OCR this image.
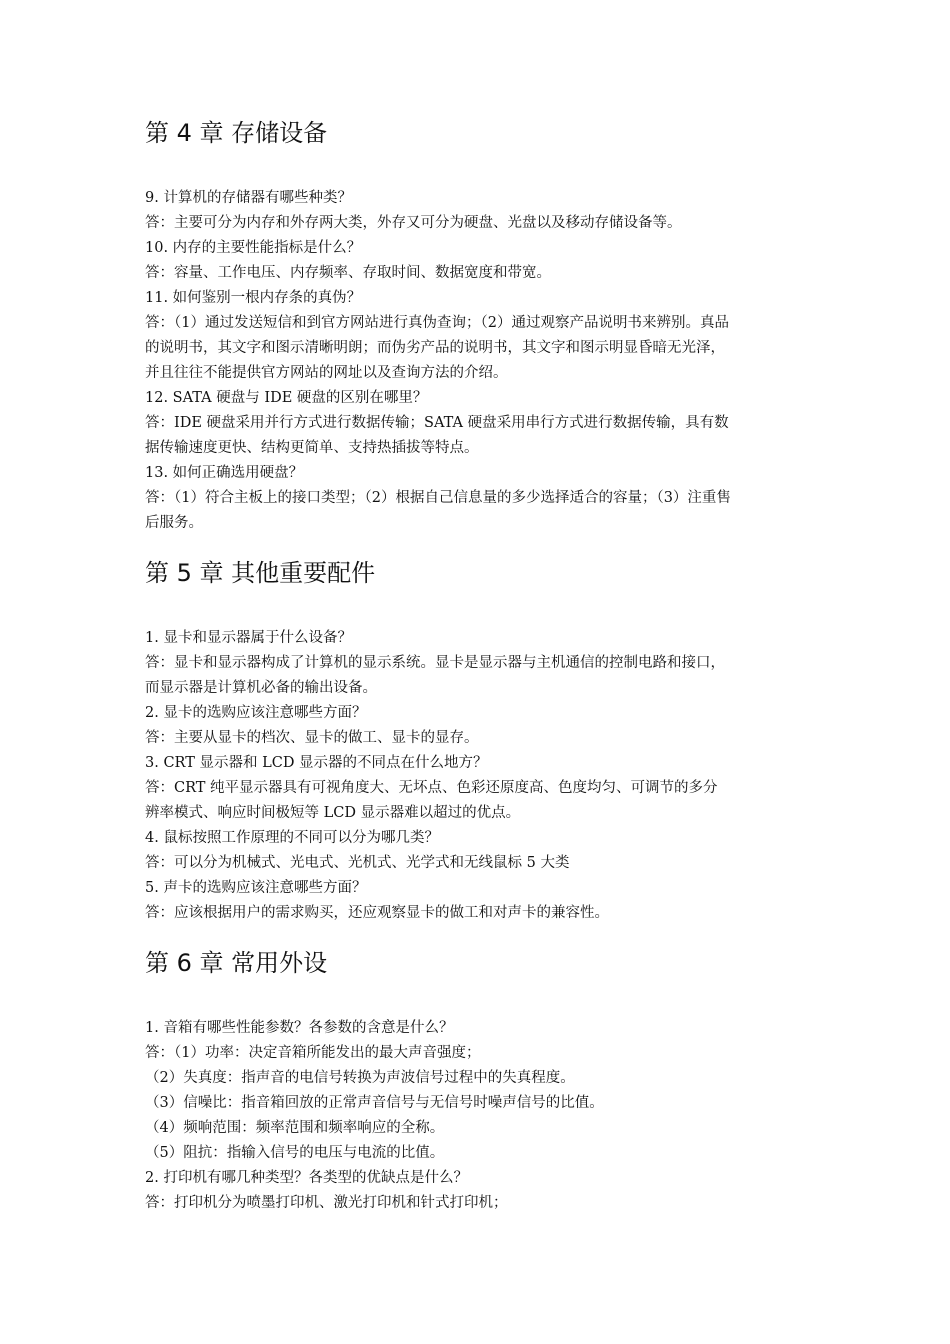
第 4 章 存储设备

9. 计算机的存储器有哪些种类？

答：主要可分为内存和外存两大类，外存又可分为硬盘、光盘以及移动存储设备等。

10. 内存的主要性能指标是什么？

答：容量、工作电压、内存频率、存取时间、数据宽度和带宽。

11. 如何鉴别一根内存条的真伪？

答：（1）通过发送短信和到官方网站进行真伪查询；（2）通过观察产品说明书来辨别。真品

的说明书，其文字和图示清晰明朗；而伪劣产品的说明书，其文字和图示明显昏暗无光泽，

并且往往不能提供官方网站的网址以及查询方法的介绍。

12. SATA 硬盘与 IDE 硬盘的区别在哪里？

答：IDE 硬盘采用并行方式进行数据传输；SATA 硬盘采用串行方式进行数据传输，具有数

据传输速度更快、结构更简单、支持热插拔等特点。

13. 如何正确选用硬盘？

答：（1）符合主板上的接口类型；（2）根据自己信息量的多少选择适合的容量；（3）注重售

后服务。

第 5 章 其他重要配件

1. 显卡和显示器属于什么设备？

答：显卡和显示器构成了计算机的显示系统。显卡是显示器与主机通信的控制电路和接口，

而显示器是计算机必备的输出设备。

2. 显卡的选购应该注意哪些方面？

答：主要从显卡的档次、显卡的做工、显卡的显存。

3. CRT 显示器和 LCD 显示器的不同点在什么地方？

答：CRT 纯平显示器具有可视角度大、无坏点、色彩还原度高、色度均匀、可调节的多分

辨率模式、响应时间极短等 LCD 显示器难以超过的优点。

4. 鼠标按照工作原理的不同可以分为哪几类？

答：可以分为机械式、光电式、光机式、光学式和无线鼠标 5 大类

5. 声卡的选购应该注意哪些方面？

答：应该根据用户的需求购买，还应观察显卡的做工和对声卡的兼容性。

第 6 章 常用外设

1. 音箱有哪些性能参数？各参数的含意是什么？

答：（1）功率：决定音箱所能发出的最大声音强度；

（2）失真度：指声音的电信号转换为声波信号过程中的失真程度。

（3）信噪比：指音箱回放的正常声音信号与无信号时噪声信号的比值。

（4）频响范围：频率范围和频率响应的全称。

（5）阻抗：指输入信号的电压与电流的比值。

2. 打印机有哪几种类型？各类型的优缺点是什么？

答：打印机分为喷墨打印机、激光打印机和针式打印机；
